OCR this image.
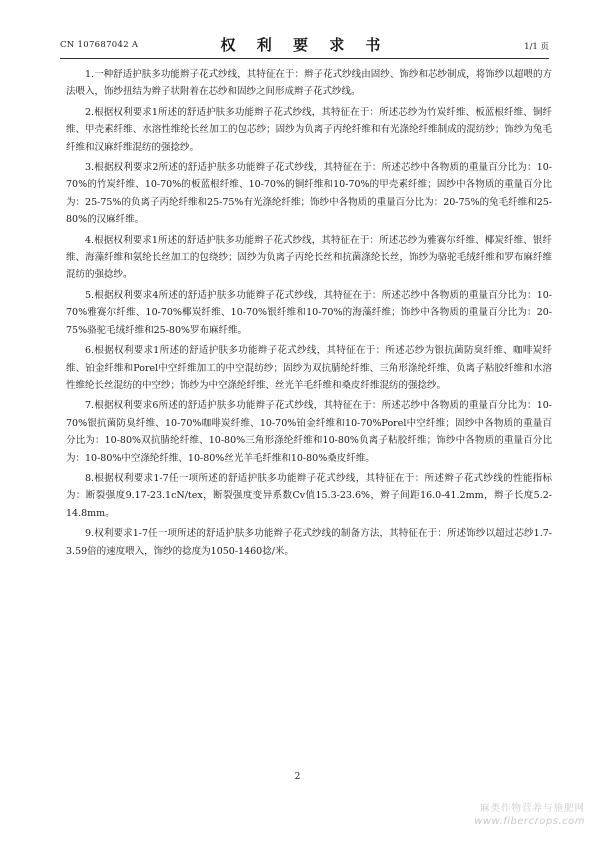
CN 107687042 A	权 利 要 求 书	1/1 页

1.一种舒适护肤多功能辫子花式纱线，其特征在于：辫子花式纱线由固纱、饰纱和芯纱制成，将饰纱以超喂的方法喂入，饰纱扭结为辫子状附着在芯纱和固纱之间形成辫子花式纱线。

2.根据权利要求1所述的舒适护肤多功能辫子花式纱线，其特征在于：所述芯纱为竹炭纤维、板蓝根纤维、铜纤维、甲壳素纤维、水溶性维纶长丝加工的包芯纱；固纱为负离子丙纶纤维和有光涤纶纤维制成的混纺纱；饰纱为兔毛纤维和汉麻纤维混纺的强捻纱。

3.根据权利要求2所述的舒适护肤多功能辫子花式纱线，其特征在于：所述芯纱中各物质的重量百分比为：10-70%的竹炭纤维、10-70%的板蓝根纤维、10-70%的铜纤维和10-70%的甲壳素纤维；固纱中各物质的重量百分比为：25-75%的负离子丙纶纤维和25-75%有光涤纶纤维；饰纱中各物质的重量百分比为：20-75%的兔毛纤维和25-80%的汉麻纤维。

4.根据权利要求1所述的舒适护肤多功能辫子花式纱线，其特征在于：所述芯纱为雅赛尔纤维、椰炭纤维、银纤维、海藻纤维和氨纶长丝加工的包绕纱；固纱为负离子丙纶长丝和抗菌涤纶长丝，饰纱为骆驼毛绒纤维和罗布麻纤维混纺的强捻纱。

5.根据权利要求4所述的舒适护肤多功能辫子花式纱线，其特征在于：所述芯纱中各物质的重量百分比为：10-70%雅赛尔纤维、10-70%椰炭纤维、10-70%银纤维和10-70%的海藻纤维；饰纱中各物质的重量百分比为：20-75%骆驼毛绒纤维和25-80%罗布麻纤维。

6.根据权利要求1所述的舒适护肤多功能辫子花式纱线，其特征在于：所述芯纱为银抗菌防臭纤维、咖啡炭纤维、铂金纤维和Porel中空纤维加工的中空混纺纱；固纱为双抗腈纶纤维、三角形涤纶纤维、负离子粘胶纤维和水溶性维纶长丝混纺的中空纱；饰纱为中空涤纶纤维、丝光羊毛纤维和桑皮纤维混纺的强捻纱。

7.根据权利要求6所述的舒适护肤多功能辫子花式纱线，其特征在于：所述芯纱中各物质的重量百分比为：10-70%银抗菌防臭纤维、10-70%咖啡炭纤维、10-70%铂金纤维和10-70%Porel中空纤维；固纱中各物质的重量百分比为：10-80%双抗腈纶纤维、10-80%三角形涤纶纤维和10-80%负离子粘胶纤维；饰纱中各物质的重量百分比为：10-80%中空涤纶纤维、10-80%丝光羊毛纤维和10-80%桑皮纤维。

8.根据权利要求1-7任一项所述的舒适护肤多功能辫子花式纱线，其特征在于：所述辫子花式纱线的性能指标为：断裂强度9.17-23.1cN/tex，断裂强度变异系数Cv值15.3-23.6%，辫子间距16.0-41.2mm，辫子长度5.2-14.8mm。

9.权利要求1-7任一项所述的舒适护肤多功能辫子花式纱线的制备方法，其特征在于：所述饰纱以超过芯纱1.7-3.59倍的速度喂入，饰纱的捻度为1050-1460捻/米。

2
麻类作物营养与施肥网
www.fibercrops.com
